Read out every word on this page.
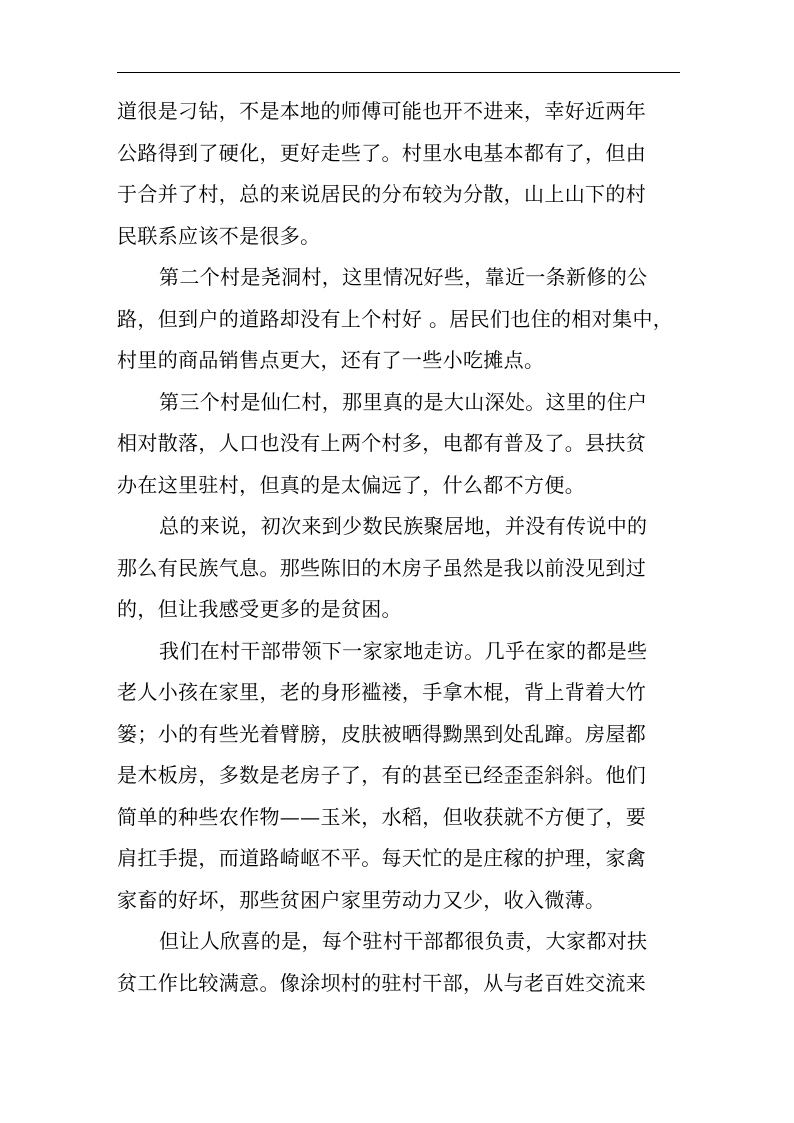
道很是刁钻，不是本地的师傅可能也开不进来，幸好近两年
公路得到了硬化，更好走些了。村里水电基本都有了，但由
于合并了村，总的来说居民的分布较为分散，山上山下的村
民联系应该不是很多。

第二个村是尧洞村，这里情况好些，靠近一条新修的公
路，但到户的道路却没有上个村好 。居民们也住的相对集中，
村里的商品销售点更大，还有了一些小吃摊点。

第三个村是仙仁村，那里真的是大山深处。这里的住户
相对散落，人口也没有上两个村多，电都有普及了。县扶贫
办在这里驻村，但真的是太偏远了，什么都不方便。

总的来说，初次来到少数民族聚居地，并没有传说中的
那么有民族气息。那些陈旧的木房子虽然是我以前没见到过
的，但让我感受更多的是贫困。

我们在村干部带领下一家家地走访。几乎在家的都是些
老人小孩在家里，老的身形褴褛，手拿木棍，背上背着大竹
篓；小的有些光着臂膀，皮肤被晒得黝黑到处乱蹿。房屋都
是木板房，多数是老房子了，有的甚至已经歪歪斜斜。他们
简单的种些农作物——玉米，水稻，但收获就不方便了，要
肩扛手提，而道路崎岖不平。每天忙的是庄稼的护理，家禽
家畜的好坏，那些贫困户家里劳动力又少，收入微薄。

但让人欣喜的是，每个驻村干部都很负责，大家都对扶
贫工作比较满意。像涂坝村的驻村干部，从与老百姓交流来
